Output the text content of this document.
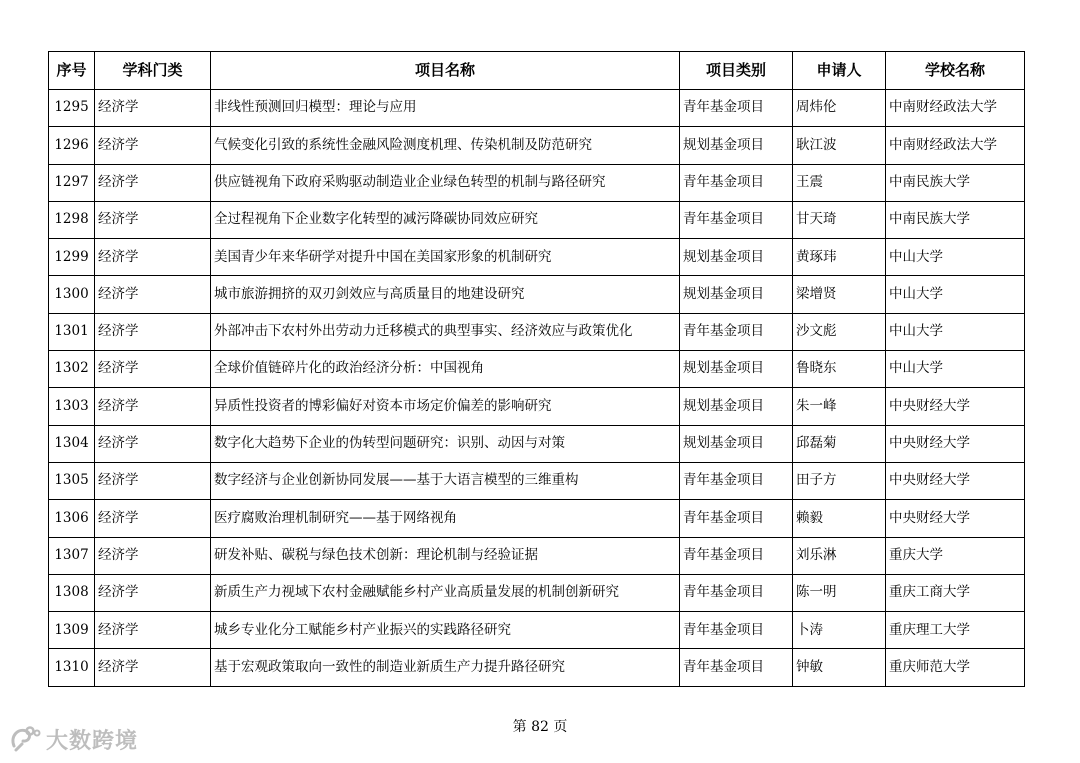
序号	学科门类	项目名称	项目类别	申请人	学校名称
1295	经济学	非线性预测回归模型：理论与应用	青年基金项目	周炜伦	中南财经政法大学
1296	经济学	气候变化引致的系统性金融风险测度机理、传染机制及防范研究	规划基金项目	耿江波	中南财经政法大学
1297	经济学	供应链视角下政府采购驱动制造业企业绿色转型的机制与路径研究	青年基金项目	王震	中南民族大学
1298	经济学	全过程视角下企业数字化转型的减污降碳协同效应研究	青年基金项目	甘天琦	中南民族大学
1299	经济学	美国青少年来华研学对提升中国在美国家形象的机制研究	规划基金项目	黄琢玮	中山大学
1300	经济学	城市旅游拥挤的双刃剑效应与高质量目的地建设研究	规划基金项目	梁增贤	中山大学
1301	经济学	外部冲击下农村外出劳动力迁移模式的典型事实、经济效应与政策优化	青年基金项目	沙文彪	中山大学
1302	经济学	全球价值链碎片化的政治经济分析：中国视角	规划基金项目	鲁晓东	中山大学
1303	经济学	异质性投资者的博彩偏好对资本市场定价偏差的影响研究	规划基金项目	朱一峰	中央财经大学
1304	经济学	数字化大趋势下企业的伪转型问题研究：识别、动因与对策	规划基金项目	邱磊菊	中央财经大学
1305	经济学	数字经济与企业创新协同发展——基于大语言模型的三维重构	青年基金项目	田子方	中央财经大学
1306	经济学	医疗腐败治理机制研究——基于网络视角	青年基金项目	赖毅	中央财经大学
1307	经济学	研发补贴、碳税与绿色技术创新：理论机制与经验证据	青年基金项目	刘乐淋	重庆大学
1308	经济学	新质生产力视域下农村金融赋能乡村产业高质量发展的机制创新研究	青年基金项目	陈一明	重庆工商大学
1309	经济学	城乡专业化分工赋能乡村产业振兴的实践路径研究	青年基金项目	卜涛	重庆理工大学
1310	经济学	基于宏观政策取向一致性的制造业新质生产力提升路径研究	青年基金项目	钟敏	重庆师范大学
第 82 页
大数跨境
